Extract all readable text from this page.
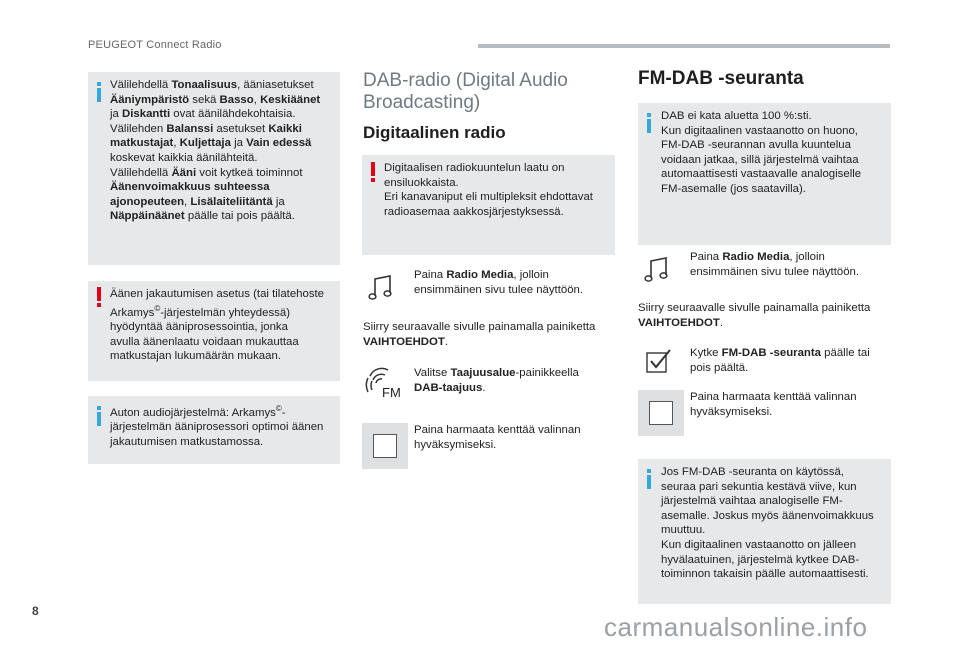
PEUGEOT Connect Radio
Välilehdellä Tonaalisuus, ääniasetukset
Ääniympäristö sekä Basso, Keskiäänet
ja Diskantti ovat äänilähdekohtaisia.
Välilehden Balanssi asetukset Kaikki
matkustajat, Kuljettaja ja Vain edessä
koskevat kaikkia äänilähteitä.
Välilehdellä Ääni voit kytkeä toiminnot
Äänenvoimakkuus suhteessa
ajonopeuteen, Lisälaiteliitäntä ja
Näppäinäänet päälle tai pois päältä.
Äänen jakautumisen asetus (tai tilatehoste
Arkamys©-järjestelmän yhteydessä)
hyödyntää ääniprosessointia, jonka
avulla äänenlaatu voidaan mukauttaa
matkustajan lukumäärän mukaan.
Auton audiojärjestelmä: Arkamys©-
järjestelmän ääniprosessori optimoi äänen
jakautumisen matkustamossa.
DAB-radio (Digital Audio
Broadcasting)
Digitaalinen radio
Digitaalisen radiokuuntelun laatu on
ensiluokkaista.
Eri kanavaniput eli multipleksit ehdottavat
radioasemaa aakkosjärjestyksessä.
Paina Radio Media, jolloin
ensimmäinen sivu tulee näyttöön.
Siirry seuraavalle sivulle painamalla painiketta
VAIHTOEHDOT.
FM
Valitse Taajuusalue-painikkeella
DAB-taajuus.
Paina harmaata kenttää valinnan
hyväksymiseksi.
FM-DAB -seuranta
DAB ei kata aluetta 100 %:sti.
Kun digitaalinen vastaanotto on huono,
FM-DAB -seurannan avulla kuuntelua
voidaan jatkaa, sillä järjestelmä vaihtaa
automaattisesti vastaavalle analogiselle
FM-asemalle (jos saatavilla).
Paina Radio Media, jolloin
ensimmäinen sivu tulee näyttöön.
Siirry seuraavalle sivulle painamalla painiketta
VAIHTOEHDOT.
Kytke FM-DAB -seuranta päälle tai
pois päältä.
Paina harmaata kenttää valinnan
hyväksymiseksi.
Jos FM-DAB -seuranta on käytössä,
seuraa pari sekuntia kestävä viive, kun
järjestelmä vaihtaa analogiselle FM-
asemalle. Joskus myös äänenvoimakkuus
muuttuu.
Kun digitaalinen vastaanotto on jälleen
hyvälaatuinen, järjestelmä kytkee DAB-
toiminnon takaisin päälle automaattisesti.
8
carmanualsonline.info
